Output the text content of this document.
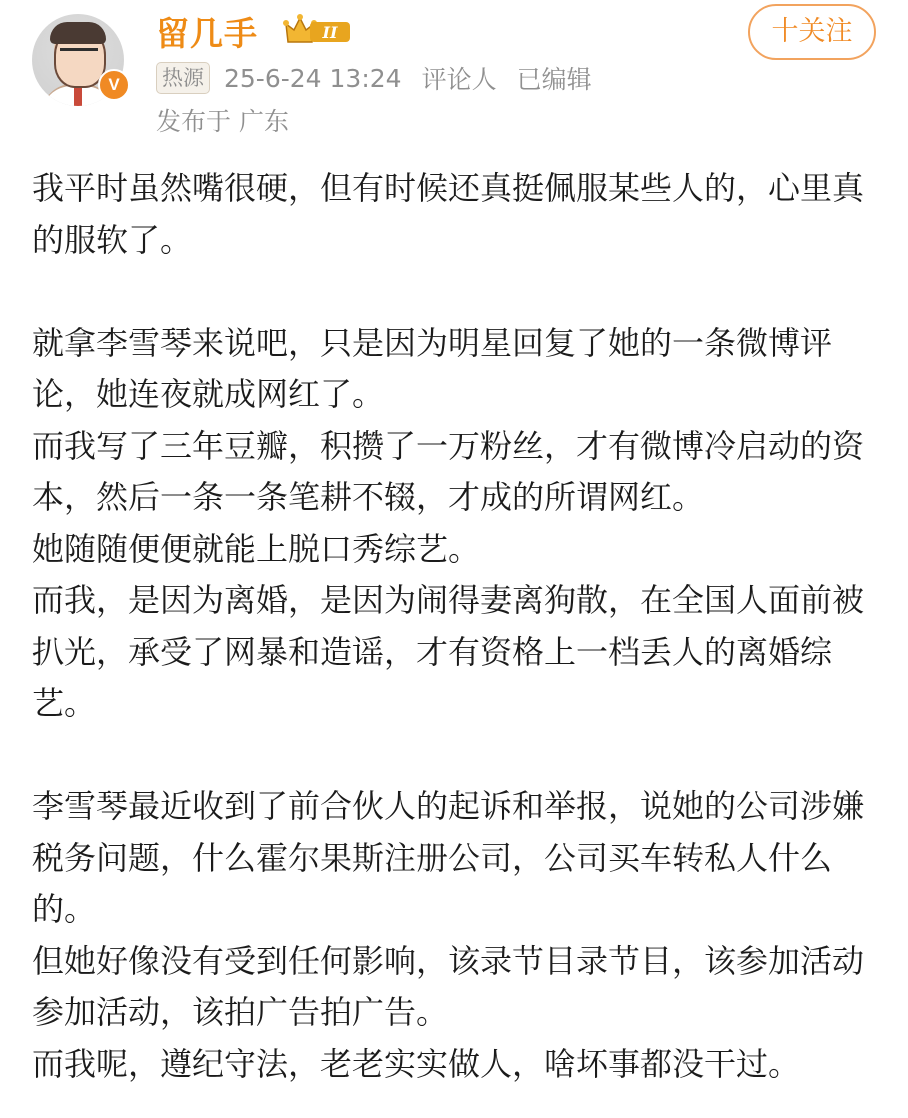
V
留几手	II
热源 25-6-24 13:24 评论人 已编辑
发布于 广东
十关注

我平时虽然嘴很硬，但有时候还真挺佩服某些人的，心里真的服软了。

就拿李雪琴来说吧，只是因为明星回复了她的一条微博评论，她连夜就成网红了。

而我写了三年豆瓣，积攒了一万粉丝，才有微博冷启动的资本，然后一条一条笔耕不辍，才成的所谓网红。

她随随便便就能上脱口秀综艺。

而我，是因为离婚，是因为闹得妻离狗散，在全国人面前被扒光，承受了网暴和造谣，才有资格上一档丢人的离婚综艺。

李雪琴最近收到了前合伙人的起诉和举报，说她的公司涉嫌税务问题，什么霍尔果斯注册公司，公司买车转私人什么的。

但她好像没有受到任何影响，该录节目录节目，该参加活动参加活动，该拍广告拍广告。

而我呢，遵纪守法，老老实实做人，啥坏事都没干过。
